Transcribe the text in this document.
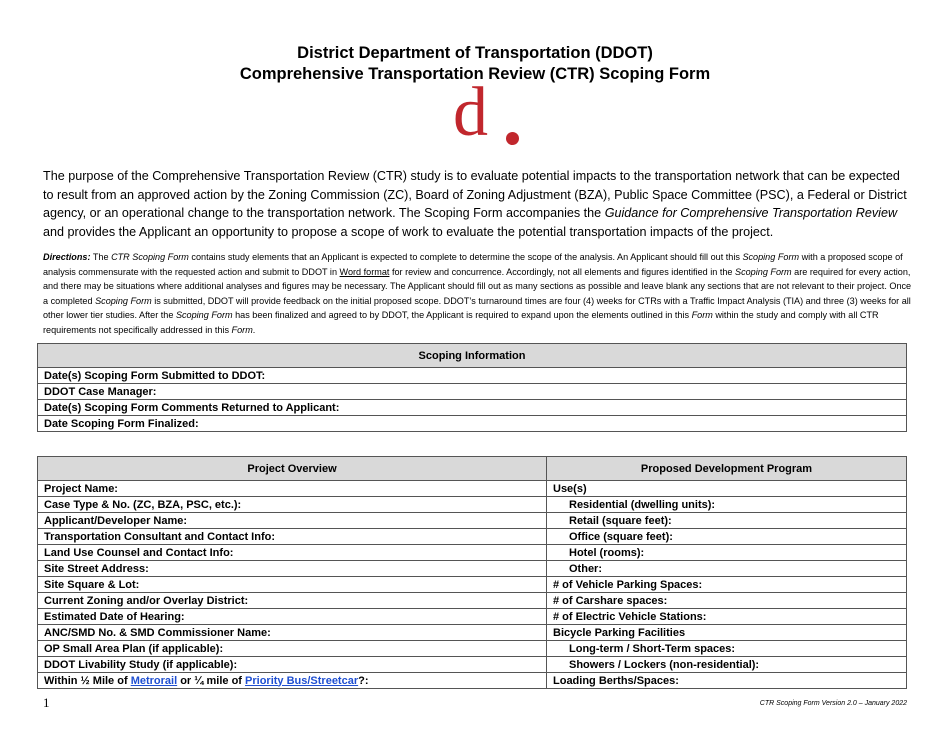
District Department of Transportation (DDOT)
Comprehensive Transportation Review (CTR) Scoping Form
d

The purpose of the Comprehensive Transportation Review (CTR) study is to evaluate potential impacts to the transportation network that can be expected to result from an approved action by the Zoning Commission (ZC), Board of Zoning Adjustment (BZA), Public Space Committee (PSC), a Federal or District agency, or an operational change to the transportation network. The Scoping Form accompanies the Guidance for Comprehensive Transportation Review and provides the Applicant an opportunity to propose a scope of work to evaluate the potential transportation impacts of the project.

Directions: The CTR Scoping Form contains study elements that an Applicant is expected to complete to determine the scope of the analysis. An Applicant should fill out this Scoping Form with a proposed scope of analysis commensurate with the requested action and submit to DDOT in Word format for review and concurrence. Accordingly, not all elements and figures identified in the Scoping Form are required for every action, and there may be situations where additional analyses and figures may be necessary. The Applicant should fill out as many sections as possible and leave blank any sections that are not relevant to their project. Once a completed Scoping Form is submitted, DDOT will provide feedback on the initial proposed scope. DDOT’s turnaround times are four (4) weeks for CTRs with a Traffic Impact Analysis (TIA) and three (3) weeks for all other lower tier studies. After the Scoping Form has been finalized and agreed to by DDOT, the Applicant is required to expand upon the elements outlined in this Form within the study and comply with all CTR requirements not specifically addressed in this Form.

Scoping Information
Date(s) Scoping Form Submitted to DDOT:
DDOT Case Manager:
Date(s) Scoping Form Comments Returned to Applicant:
Date Scoping Form Finalized:
Project Overview	Proposed Development Program
Project Name:	Use(s)
Case Type & No. (ZC, BZA, PSC, etc.):	Residential (dwelling units):
Applicant/Developer Name:	Retail (square feet):
Transportation Consultant and Contact Info:	Office (square feet):
Land Use Counsel and Contact Info:	Hotel (rooms):
Site Street Address:	Other:
Site Square & Lot:	# of Vehicle Parking Spaces:
Current Zoning and/or Overlay District:	# of Carshare spaces:
Estimated Date of Hearing:	# of Electric Vehicle Stations:
ANC/SMD No. & SMD Commissioner Name:	Bicycle Parking Facilities
OP Small Area Plan (if applicable):	Long-term / Short-Term spaces:
DDOT Livability Study (if applicable):	Showers / Lockers (non-residential):
Within ½ Mile of Metrorail or ¼ mile of Priority Bus/Streetcar?:	Loading Berths/Spaces:
1	CTR Scoping Form Version 2.0 – January 2022
